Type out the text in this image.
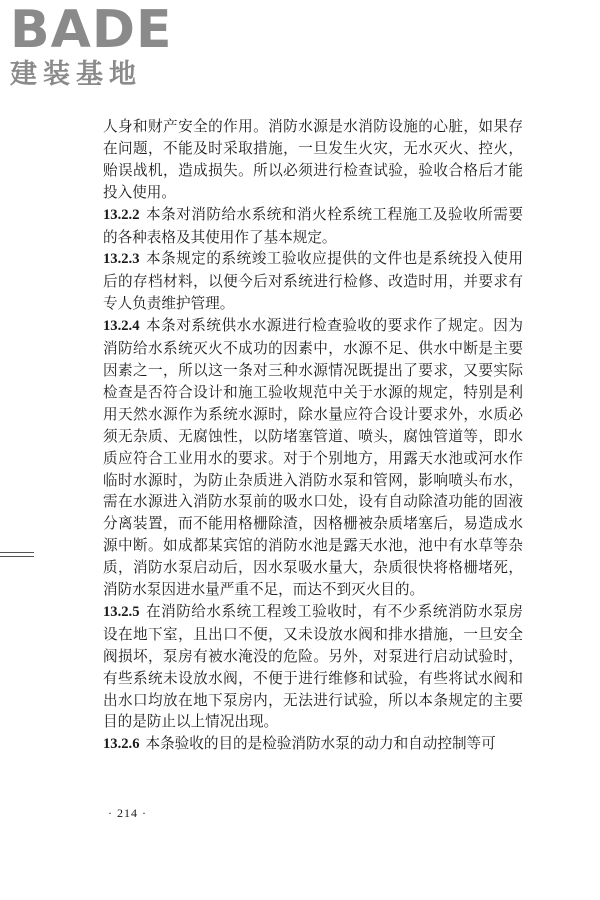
BADE
建装基地

人身和财产安全的作用。消防水源是水消防设施的心脏，如果存在问题，不能及时采取措施，一旦发生火灾，无水灭火、控火，贻误战机，造成损失。所以必须进行检查试验，验收合格后才能投入使用。

13.2.2 本条对消防给水系统和消火栓系统工程施工及验收所需要的各种表格及其使用作了基本规定。

13.2.3 本条规定的系统竣工验收应提供的文件也是系统投入使用后的存档材料，以便今后对系统进行检修、改造时用，并要求有专人负责维护管理。

13.2.4 本条对系统供水水源进行检查验收的要求作了规定。因为消防给水系统灭火不成功的因素中，水源不足、供水中断是主要因素之一，所以这一条对三种水源情况既提出了要求，又要实际检查是否符合设计和施工验收规范中关于水源的规定，特别是利用天然水源作为系统水源时，除水量应符合设计要求外，水质必须无杂质、无腐蚀性，以防堵塞管道、喷头，腐蚀管道等，即水质应符合工业用水的要求。对于个别地方，用露天水池或河水作临时水源时，为防止杂质进入消防水泵和管网，影响喷头布水，需在水源进入消防水泵前的吸水口处，设有自动除渣功能的固液分离装置，而不能用格栅除渣，因格栅被杂质堵塞后，易造成水源中断。如成都某宾馆的消防水池是露天水池，池中有水草等杂质，消防水泵启动后，因水泵吸水量大，杂质很快将格栅堵死，消防水泵因进水量严重不足，而达不到灭火目的。

13.2.5 在消防给水系统工程竣工验收时，有不少系统消防水泵房设在地下室，且出口不便，又未设放水阀和排水措施，一旦安全阀损坏，泵房有被水淹没的危险。另外，对泵进行启动试验时，有些系统未设放水阀，不便于进行维修和试验，有些将试水阀和出水口均放在地下泵房内，无法进行试验，所以本条规定的主要目的是防止以上情况出现。

13.2.6 本条验收的目的是检验消防水泵的动力和自动控制等可

· 214 ·
